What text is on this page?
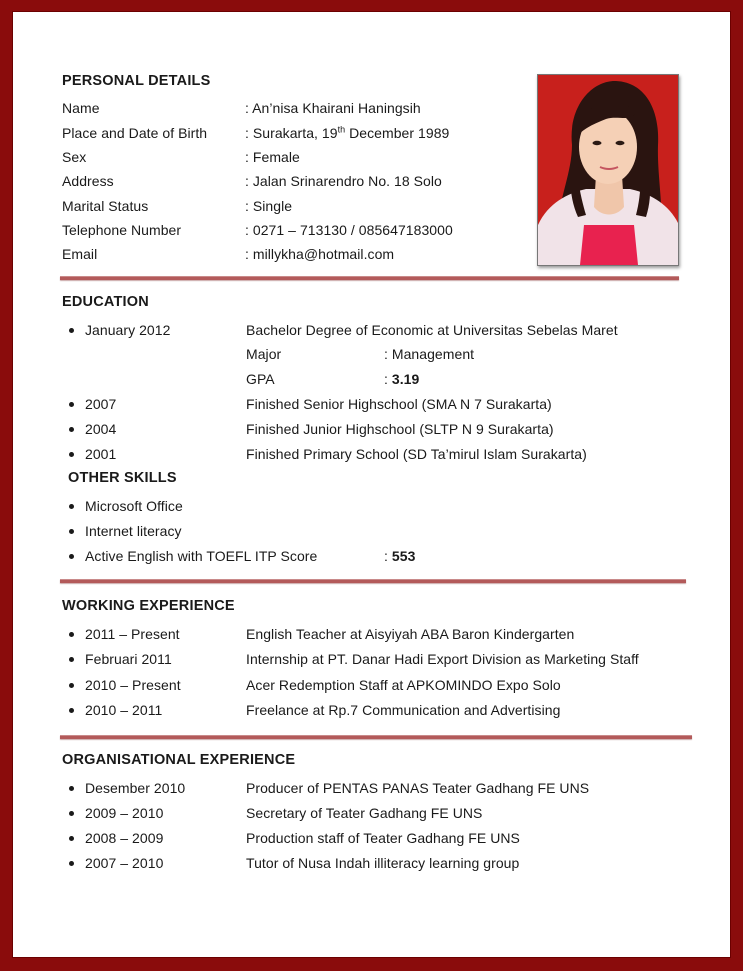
PERSONAL DETAILS
Name	: An’nisa Khairani Haningsih
Place and Date of Birth	: Surakarta, 19th December 1989
Sex	: Female
Address	: Jalan Srinarendro No. 18 Solo
Marital Status	: Single
Telephone Number	: 0271 – 713130 / 085647183000
Email	: millykha@hotmail.com
EDUCATION
January 2012	Bachelor Degree of Economic at Universitas Sebelas Maret
Major	: Management
GPA	: 3.19
2007	Finished Senior Highschool (SMA N 7 Surakarta)
2004	Finished Junior Highschool (SLTP N 9 Surakarta)
2001	Finished Primary School (SD Ta’mirul Islam Surakarta)
OTHER SKILLS
Microsoft Office
Internet literacy
Active English with TOEFL ITP Score	: 553
WORKING EXPERIENCE
2011 – Present	English Teacher at Aisyiyah ABA Baron Kindergarten
Februari 2011	Internship at PT. Danar Hadi Export Division as Marketing Staff
2010 – Present	Acer Redemption Staff at APKOMINDO Expo Solo
2010 – 2011	Freelance at Rp.7 Communication and Advertising
ORGANISATIONAL EXPERIENCE
Desember 2010	Producer of PENTAS PANAS Teater Gadhang FE UNS
2009 – 2010	Secretary of Teater Gadhang FE UNS
2008 – 2009	Production staff of Teater Gadhang FE UNS
2007 – 2010	Tutor of Nusa Indah illiteracy learning group
